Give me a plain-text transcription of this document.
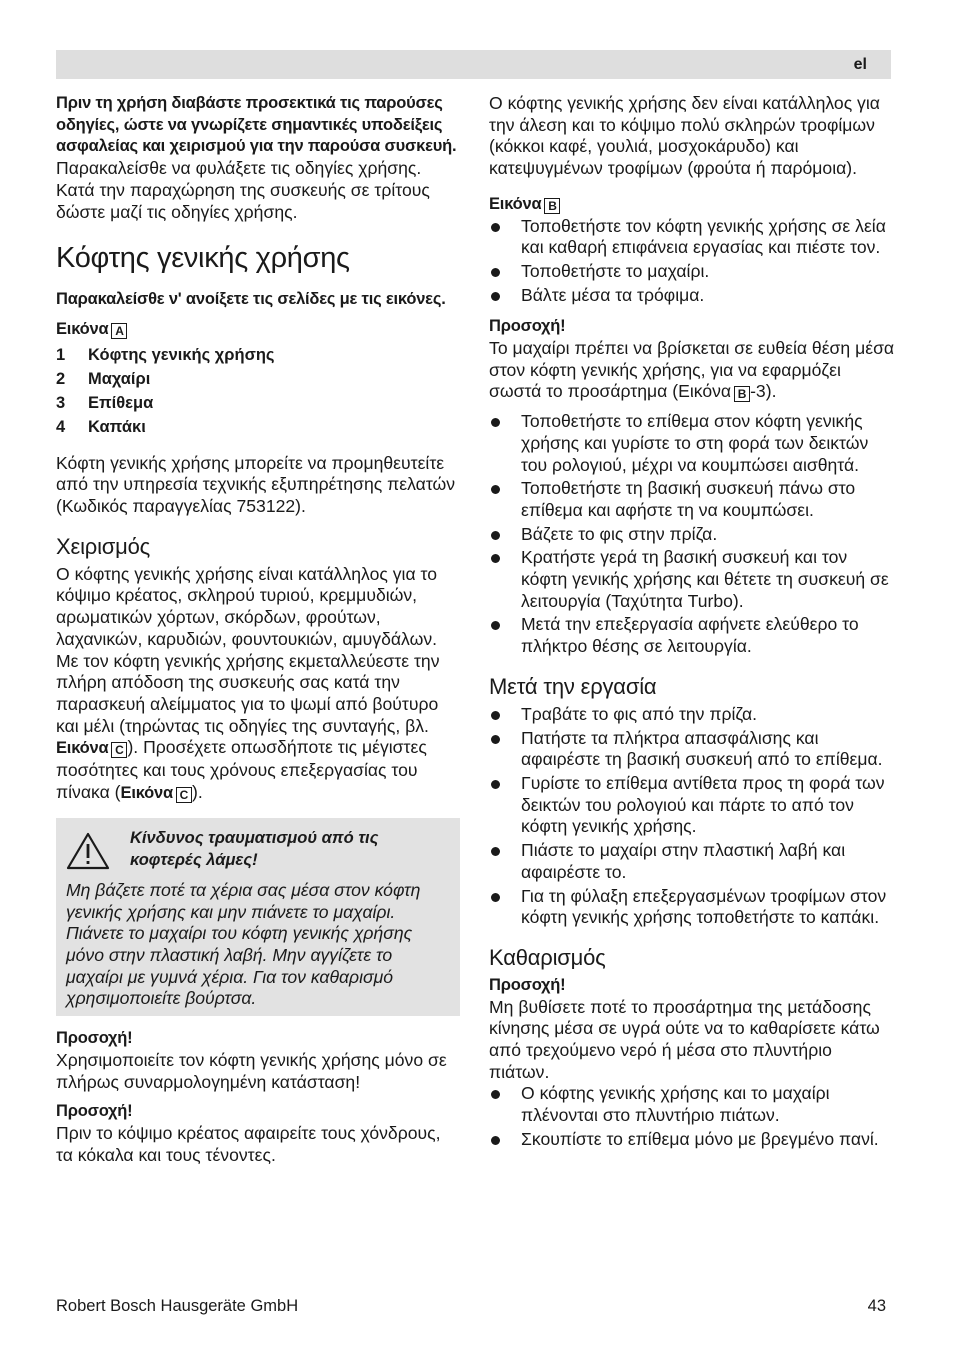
el

Πριν τη χρήση διαβάστε προσεκτικά τις παρούσες οδηγίες, ώστε να γνωρίζετε σημαντικές υποδείξεις ασφαλείας και χειρισμού για την παρούσα συσκευή.

Παρακαλείσθε να φυλάξετε τις οδηγίες χρήσης. Κατά την παραχώρηση της συσκευής σε τρίτους δώστε μαζί τις οδηγίες χρήσης.

Κόφτης γενικής χρήσης

Παρακαλείσθε ν' ανοίξετε τις σελίδες με τις εικόνες.

Εικόνα A

1	Κόφτης γενικής χρήσης
2	Μαχαίρι
3	Επίθεμα
4	Καπάκι

Κόφτη γενικής χρήσης μπορείτε να προμηθευτείτε από την υπηρεσία τεχνικής εξυπηρέτησης πελατών (Κωδικός παραγγελίας 753122).

Χειρισμός

Ο κόφτης γενικής χρήσης είναι κατάλληλος για το κόψιμο κρέατος, σκληρού τυριού, κρεμμυδιών, αρωματικών χόρτων, σκόρδων, φρούτων, λαχανικών, καρυδιών, φουντουκιών, αμυγδάλων.

Με τον κόφτη γενικής χρήσης εκμεταλλεύεστε την πλήρη απόδοση της συσκευής σας κατά την παρασκευή αλείμματος για το ψωμί από βούτυρο και μέλι (τηρώντας τις οδηγίες της συνταγής, βλ. Εικόνα C ). Προσέχετε οπωσδήποτε τις μέγιστες ποσότητες και τους χρόνους επεξεργασίας του πίνακα (Εικόνα C ).

Κίνδυνος τραυματισμού από τις κοφτερές λάμες!
Μη βάζετε ποτέ τα χέρια σας μέσα στον κόφτη γενικής χρήσης και μην πιάνετε το μαχαίρι. Πιάνετε το μαχαίρι του κόφτη γενικής χρήσης μόνο στην πλαστική λαβή. Μην αγγίζετε το μαχαίρι με γυμνά χέρια. Για τον καθαρισμό χρησιμοποιείτε βούρτσα.

Προσοχή!

Χρησιμοποιείτε τον κόφτη γενικής χρήσης μόνο σε πλήρως συναρμολογημένη κατάσταση!

Προσοχή!

Πριν το κόψιμο κρέατος αφαιρείτε τους χόνδρους, τα κόκαλα και τους τένοντες.

Ο κόφτης γενικής χρήσης δεν είναι κατάλληλος για την άλεση και το κόψιμο πολύ σκληρών τροφίμων (κόκκοι καφέ, γουλιά, μοσχοκάρυδο) και κατεψυγμένων τροφίμων (φρούτα ή παρόμοια).

Εικόνα B

Τοποθετήστε τον κόφτη γενικής χρήσης σε λεία και καθαρή επιφάνεια εργασίας και πιέστε τον.
Τοποθετήστε το μαχαίρι.
Βάλτε μέσα τα τρόφιμα.

Προσοχή!

Το μαχαίρι πρέπει να βρίσκεται σε ευθεία θέση μέσα στον κόφτη γενικής χρήσης, για να εφαρμόζει σωστά το προσάρτημα (Εικόνα B -3).

Τοποθετήστε το επίθεμα στον κόφτη γενικής χρήσης και γυρίστε το στη φορά των δεικτών του ρολογιού, μέχρι να κουμπώσει αισθητά.
Τοποθετήστε τη βασική συσκευή πάνω στο επίθεμα και αφήστε τη να κουμπώσει.
Βάζετε το φις στην πρίζα.
Κρατήστε γερά τη βασική συσκευή και τον κόφτη γενικής χρήσης και θέτετε τη συσκευή σε λειτουργία (Ταχύτητα Turbo).
Μετά την επεξεργασία αφήνετε ελεύθερο το πλήκτρο θέσης σε λειτουργία.
Μετά την εργασία
Τραβάτε το φις από την πρίζα.
Πατήστε τα πλήκτρα απασφάλισης και αφαιρέστε τη βασική συσκευή από το επίθεμα.
Γυρίστε το επίθεμα αντίθετα προς τη φορά των δεικτών του ρολογιού και πάρτε το από τον κόφτη γενικής χρήσης.
Πιάστε το μαχαίρι στην πλαστική λαβή και αφαιρέστε το.
Για τη φύλαξη επεξεργασμένων τροφίμων στον κόφτη γενικής χρήσης τοποθετήστε το καπάκι.
Καθαρισμός

Προσοχή!

Μη βυθίσετε ποτέ το προσάρτημα της μετάδοσης κίνησης μέσα σε υγρά ούτε να το καθαρίσετε κάτω από τρεχούμενο νερό ή μέσα στο πλυντήριο πιάτων.

Ο κόφτης γενικής χρήσης και το μαχαίρι πλένονται στο πλυντήριο πιάτων.
Σκουπίστε το επίθεμα μόνο με βρεγμένο πανί.
Robert Bosch Hausgeräte GmbH	43
